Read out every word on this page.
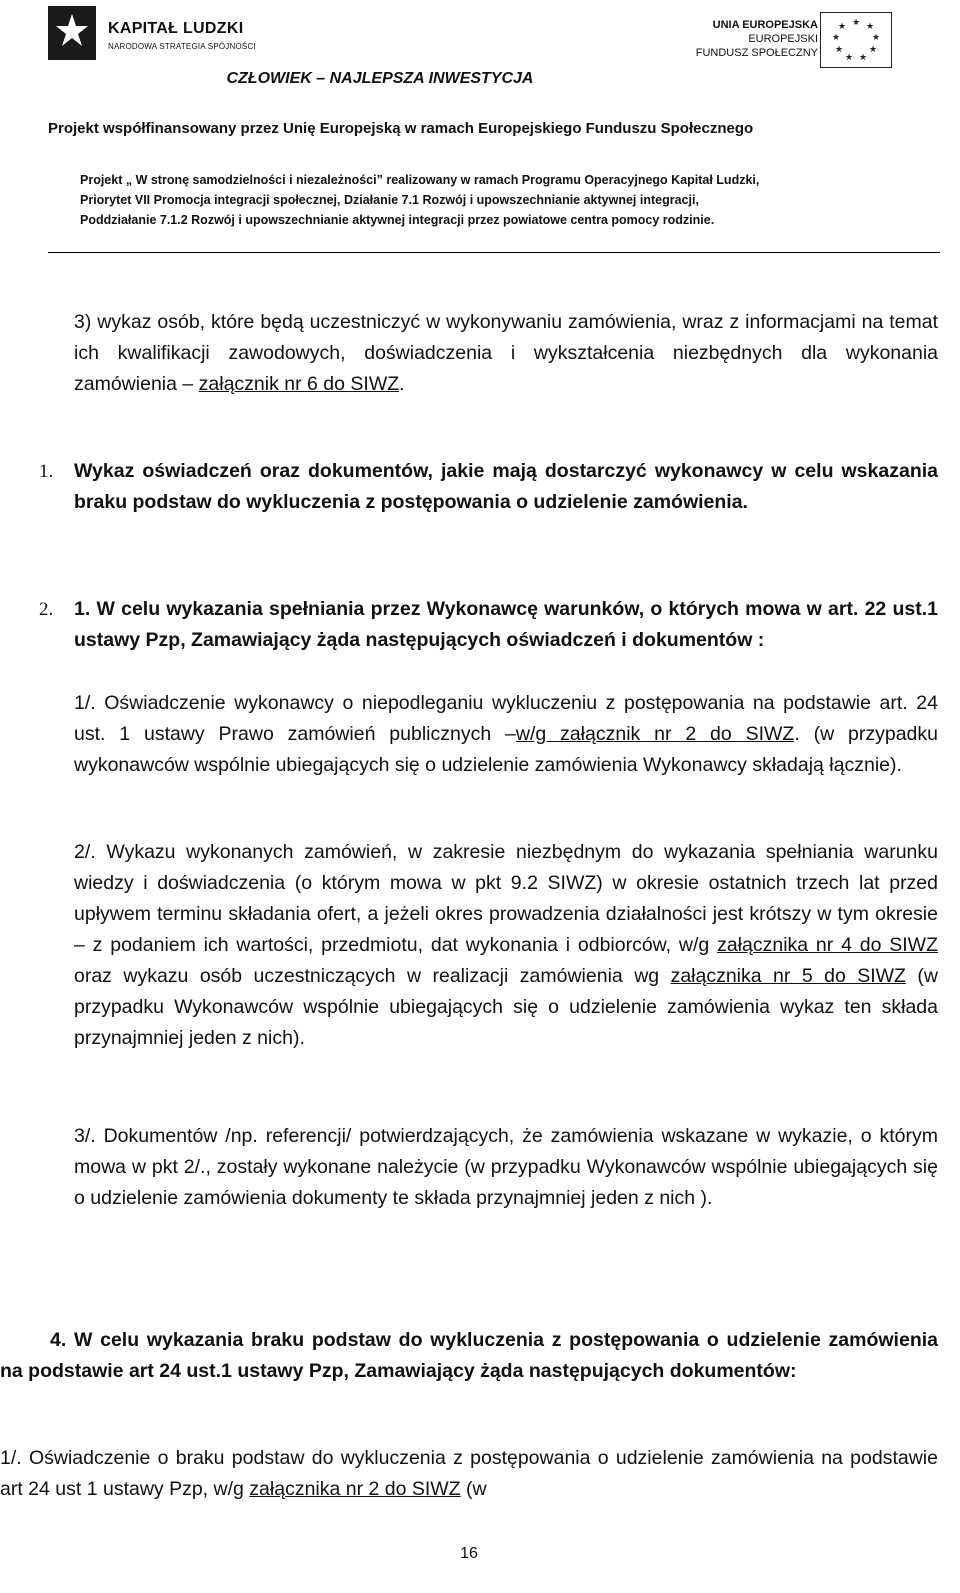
KAPITAŁ LUDZKI
NARODOWA STRATEGIA SPÓJNOŚCI
UNIA EUROPEJSKA
EUROPEJSKI
FUNDUSZ SPOŁECZNY
★ ★
★
★
★
★
★
★
★
CZŁOWIEK – NAJLEPSZA INWESTYCJA
Projekt współfinansowany przez Unię Europejską w ramach Europejskiego Funduszu Społecznego
Projekt „ W stronę samodzielności i niezależności” realizowany w ramach Programu Operacyjnego Kapitał Ludzki,
Priorytet VII Promocja integracji społecznej, Działanie 7.1 Rozwój i upowszechnianie aktywnej integracji,
Poddziałanie 7.1.2 Rozwój i upowszechnianie aktywnej integracji przez powiatowe centra pomocy rodzinie.
3) wykaz osób, które będą uczestniczyć w wykonywaniu zamówienia, wraz z informacjami na temat ich kwalifikacji zawodowych, doświadczenia i wykształcenia niezbędnych dla wykonania zamówienia – załącznik nr 6 do SIWZ.
1. Wykaz oświadczeń oraz dokumentów, jakie mają dostarczyć wykonawcy w celu wskazania braku podstaw do wykluczenia z postępowania o udzielenie zamówienia.
2. 1. W celu wykazania spełniania przez Wykonawcę warunków, o których mowa w art. 22 ust.1 ustawy Pzp, Zamawiający żąda następujących oświadczeń i dokumentów :
1/. Oświadczenie wykonawcy o niepodleganiu wykluczeniu z postępowania na podstawie art. 24 ust. 1 ustawy Prawo zamówień publicznych –w/g załącznik nr 2 do SIWZ. (w przypadku wykonawców wspólnie ubiegających się o udzielenie zamówienia Wykonawcy składają łącznie).
2/. Wykazu wykonanych zamówień, w zakresie niezbędnym do wykazania spełniania warunku wiedzy i doświadczenia (o którym mowa w pkt 9.2 SIWZ) w okresie ostatnich trzech lat przed upływem terminu składania ofert, a jeżeli okres prowadzenia działalności jest krótszy w tym okresie – z podaniem ich wartości, przedmiotu, dat wykonania i odbiorców, w/g załącznika nr 4 do SIWZ oraz wykazu osób uczestniczących w realizacji zamówienia wg załącznika nr 5 do SIWZ (w przypadku Wykonawców wspólnie ubiegających się o udzielenie zamówienia wykaz ten składa przynajmniej jeden z nich).
3/. Dokumentów /np. referencji/ potwierdzających, że zamówienia wskazane w wykazie, o którym mowa w pkt 2/., zostały wykonane należycie (w przypadku Wykonawców wspólnie ubiegających się o udzielenie zamówienia dokumenty te składa przynajmniej jeden z nich ).
4. W celu wykazania braku podstaw do wykluczenia z postępowania o udzielenie zamówienia na podstawie art 24 ust.1 ustawy Pzp, Zamawiający żąda następujących dokumentów:
1/. Oświadczenie o braku podstaw do wykluczenia z postępowania o udzielenie zamówienia na podstawie art 24 ust 1 ustawy Pzp, w/g załącznika nr 2 do SIWZ (w
16
